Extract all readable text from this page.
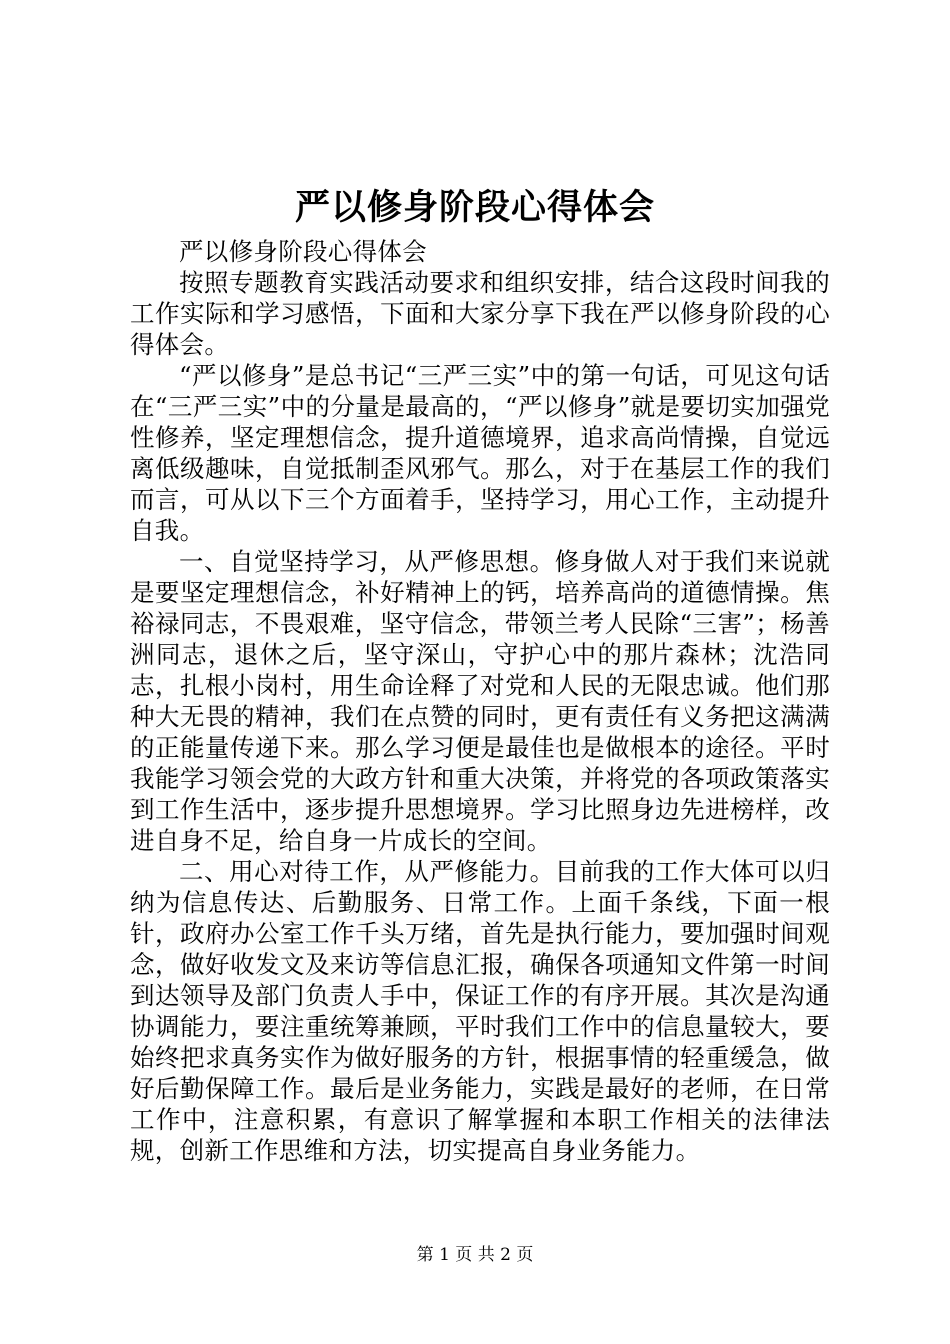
严以修身阶段心得体会

严以修身阶段心得体会

按照专题教育实践活动要求和组织安排，结合这段时间我的工作实际和学习感悟，下面和大家分享下我在严以修身阶段的心得体会。

“严以修身”是总书记“三严三实”中的第一句话，可见这句话在“三严三实”中的分量是最高的，“严以修身”就是要切实加强党性修养，坚定理想信念，提升道德境界，追求高尚情操，自觉远离低级趣味，自觉抵制歪风邪气。那么，对于在基层工作的我们而言，可从以下三个方面着手，坚持学习，用心工作，主动提升自我。

一、自觉坚持学习，从严修思想。修身做人对于我们来说就是要坚定理想信念，补好精神上的钙，培养高尚的道德情操。焦裕禄同志，不畏艰难，坚守信念，带领兰考人民除“三害”；杨善洲同志，退休之后，坚守深山，守护心中的那片森林；沈浩同志，扎根小岗村，用生命诠释了对党和人民的无限忠诚。他们那种大无畏的精神，我们在点赞的同时，更有责任有义务把这满满的正能量传递下来。那么学习便是最佳也是做根本的途径。平时我能学习领会党的大政方针和重大决策，并将党的各项政策落实到工作生活中，逐步提升思想境界。学习比照身边先进榜样，改进自身不足，给自身一片成长的空间。

二、用心对待工作，从严修能力。目前我的工作大体可以归纳为信息传达、后勤服务、日常工作。上面千条线，下面一根针，政府办公室工作千头万绪，首先是执行能力，要加强时间观念，做好收发文及来访等信息汇报，确保各项通知文件第一时间到达领导及部门负责人手中，保证工作的有序开展。其次是沟通协调能力，要注重统筹兼顾，平时我们工作中的信息量较大，要始终把求真务实作为做好服务的方针，根据事情的轻重缓急，做好后勤保障工作。最后是业务能力，实践是最好的老师，在日常工作中，注意积累，有意识了解掌握和本职工作相关的法律法规，创新工作思维和方法，切实提高自身业务能力。

第 1 页 共 2 页
